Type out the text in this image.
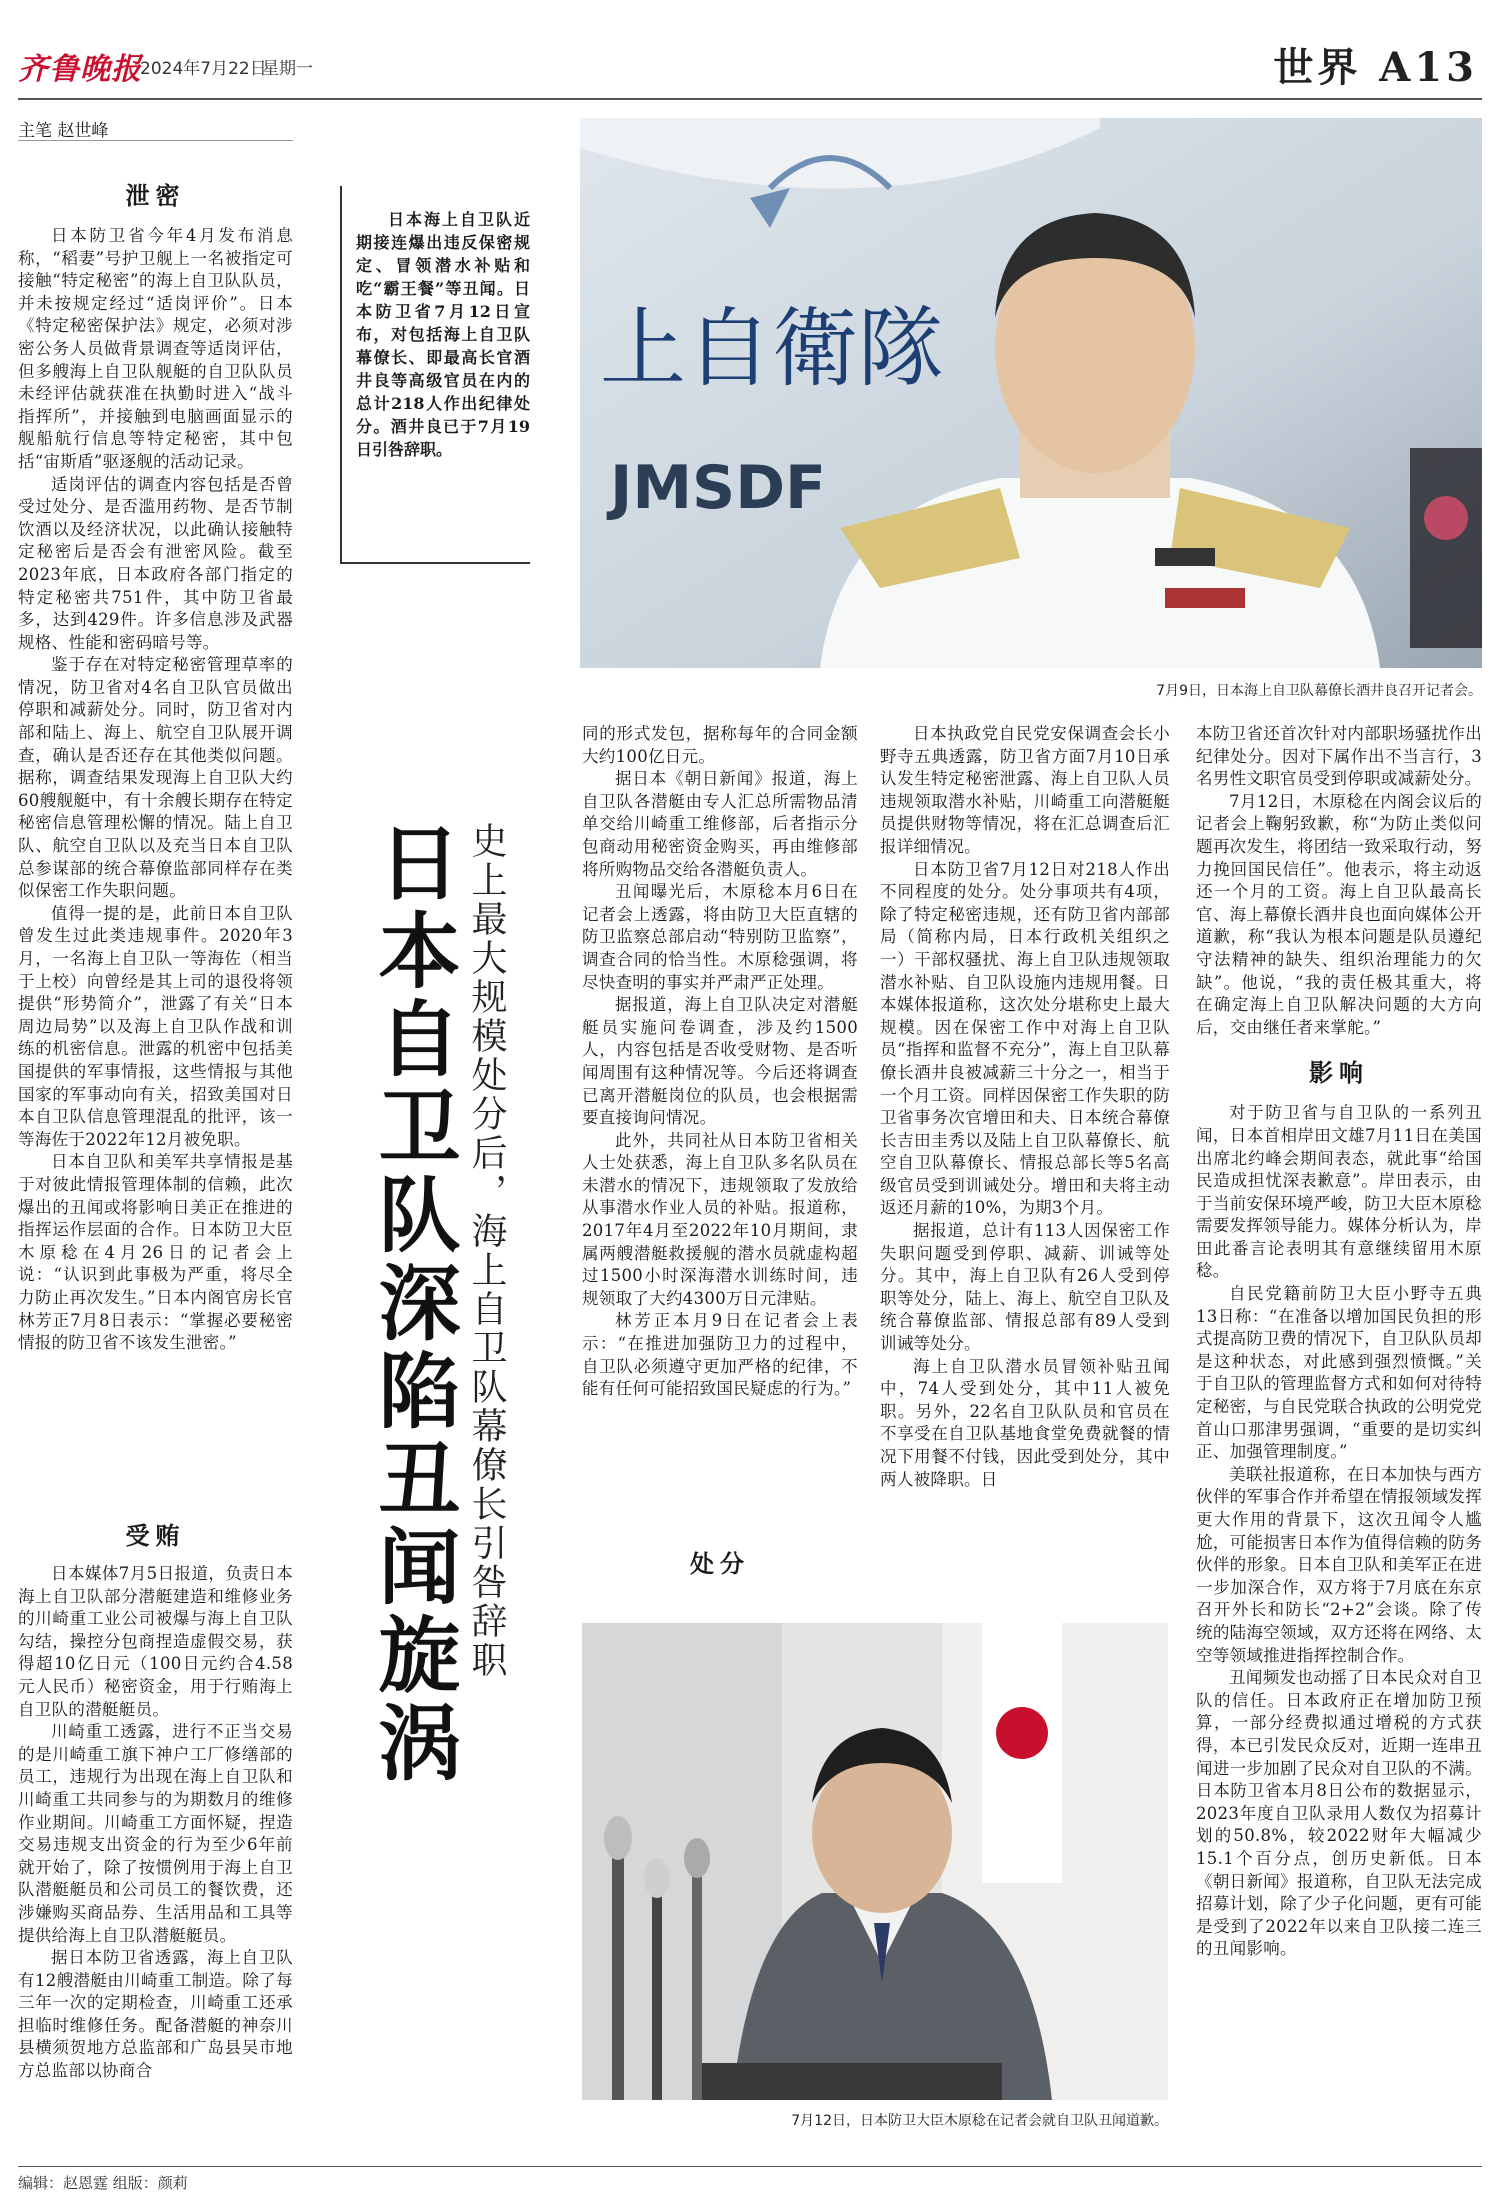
齐鲁晚报
2024年7月22日
星期一	世界 A13
主笔 赵世峰
泄密

日本防卫省今年4月发布消息称，“稻妻”号护卫舰上一名被指定可接触“特定秘密”的海上自卫队队员，并未按规定经过“适岗评价”。日本《特定秘密保护法》规定，必须对涉密公务人员做背景调查等适岗评估，但多艘海上自卫队舰艇的自卫队队员未经评估就获准在执勤时进入“战斗指挥所”，并接触到电脑画面显示的舰船航行信息等特定秘密，其中包括“宙斯盾”驱逐舰的活动记录。

适岗评估的调查内容包括是否曾受过处分、是否滥用药物、是否节制饮酒以及经济状况，以此确认接触特定秘密后是否会有泄密风险。截至2023年底，日本政府各部门指定的特定秘密共751件，其中防卫省最多，达到429件。许多信息涉及武器规格、性能和密码暗号等。

鉴于存在对特定秘密管理草率的情况，防卫省对4名自卫队官员做出停职和减薪处分。同时，防卫省对内部和陆上、海上、航空自卫队展开调查，确认是否还存在其他类似问题。据称，调查结果发现海上自卫队大约60艘舰艇中，有十余艘长期存在特定秘密信息管理松懈的情况。陆上自卫队、航空自卫队以及充当日本自卫队总参谋部的统合幕僚监部同样存在类似保密工作失职问题。

值得一提的是，此前日本自卫队曾发生过此类违规事件。2020年3月，一名海上自卫队一等海佐（相当于上校）向曾经是其上司的退役将领提供“形势简介”，泄露了有关“日本周边局势”以及海上自卫队作战和训练的机密信息。泄露的机密中包括美国提供的军事情报，这些情报与其他国家的军事动向有关，招致美国对日本自卫队信息管理混乱的批评，该一等海佐于2022年12月被免职。

日本自卫队和美军共享情报是基于对彼此情报管理体制的信赖，此次爆出的丑闻或将影响日美正在推进的指挥运作层面的合作。日本防卫大臣木原稔在4月26日的记者会上说：“认识到此事极为严重，将尽全力防止再次发生。”日本内阁官房长官林芳正7月8日表示：“掌握必要秘密情报的防卫省不该发生泄密。”

受贿

日本媒体7月5日报道，负责日本海上自卫队部分潜艇建造和维修业务的川崎重工业公司被爆与海上自卫队勾结，操控分包商捏造虚假交易，获得超10亿日元（100日元约合4.58元人民币）秘密资金，用于行贿海上自卫队的潜艇艇员。

川崎重工透露，进行不正当交易的是川崎重工旗下神户工厂修缮部的员工，违规行为出现在海上自卫队和川崎重工共同参与的为期数月的维修作业期间。川崎重工方面怀疑，捏造交易违规支出资金的行为至少6年前就开始了，除了按惯例用于海上自卫队潜艇艇员和公司员工的餐饮费，还涉嫌购买商品券、生活用品和工具等提供给海上自卫队潜艇艇员。

据日本防卫省透露，海上自卫队有12艘潜艇由川崎重工制造。除了每三年一次的定期检查，川崎重工还承担临时维修任务。配备潜艇的神奈川县横须贺地方总监部和广岛县吴市地方总监部以协商合

日本海上自卫队近期接连爆出违反保密规定、冒领潜水补贴和吃“霸王餐”等丑闻。日本防卫省7月12日宣布，对包括海上自卫队幕僚长、即最高长官酒井良等高级官员在内的总计218人作出纪律处分。酒井良已于7月19日引咎辞职。
日本自卫队深陷丑闻旋涡 史上最大规模处分后，海上自卫队幕僚长引咎辞职
上自衛隊
JMSDF
7月9日，日本海上自卫队幕僚长酒井良召开记者会。

同的形式发包，据称每年的合同金额大约100亿日元。

据日本《朝日新闻》报道，海上自卫队各潜艇由专人汇总所需物品清单交给川崎重工维修部，后者指示分包商动用秘密资金购买，再由维修部将所购物品交给各潜艇负责人。

丑闻曝光后，木原稔本月6日在记者会上透露，将由防卫大臣直辖的防卫监察总部启动“特别防卫监察”，调查合同的恰当性。木原稔强调，将尽快查明的事实并严肃严正处理。

据报道，海上自卫队决定对潜艇艇员实施问卷调查，涉及约1500人，内容包括是否收受财物、是否听闻周围有这种情况等。今后还将调查已离开潜艇岗位的队员，也会根据需要直接询问情况。

此外，共同社从日本防卫省相关人士处获悉，海上自卫队多名队员在未潜水的情况下，违规领取了发放给从事潜水作业人员的补贴。报道称，2017年4月至2022年10月期间，隶属两艘潜艇救援舰的潜水员就虚构超过1500小时深海潜水训练时间，违规领取了大约4300万日元津贴。

林芳正本月9日在记者会上表示：“在推进加强防卫力的过程中，自卫队必须遵守更加严格的纪律，不能有任何可能招致国民疑虑的行为。”

处分

日本执政党自民党安保调查会长小野寺五典透露，防卫省方面7月10日承认发生特定秘密泄露、海上自卫队人员违规领取潜水补贴，川崎重工向潜艇艇员提供财物等情况，将在汇总调查后汇报详细情况。

日本防卫省7月12日对218人作出不同程度的处分。处分事项共有4项，除了特定秘密违规，还有防卫省内部部局（简称内局，日本行政机关组织之一）干部权骚扰、海上自卫队违规领取潜水补贴、自卫队设施内违规用餐。日本媒体报道称，这次处分堪称史上最大规模。因在保密工作中对海上自卫队员“指挥和监督不充分”，海上自卫队幕僚长酒井良被减薪三十分之一，相当于一个月工资。同样因保密工作失职的防卫省事务次官增田和夫、日本统合幕僚长吉田圭秀以及陆上自卫队幕僚长、航空自卫队幕僚长、情报总部长等5名高级官员受到训诫处分。增田和夫将主动返还月薪的10%，为期3个月。

据报道，总计有113人因保密工作失职问题受到停职、减薪、训诫等处分。其中，海上自卫队有26人受到停职等处分，陆上、海上、航空自卫队及统合幕僚监部、情报总部有89人受到训诫等处分。

海上自卫队潜水员冒领补贴丑闻中，74人受到处分，其中11人被免职。另外，22名自卫队队员和官员在不享受在自卫队基地食堂免费就餐的情况下用餐不付钱，因此受到处分，其中两人被降职。日

7月12日，日本防卫大臣木原稔在记者会就自卫队丑闻道歉。

本防卫省还首次针对内部职场骚扰作出纪律处分。因对下属作出不当言行，3名男性文职官员受到停职或减薪处分。

7月12日，木原稔在内阁会议后的记者会上鞠躬致歉，称“为防止类似问题再次发生，将团结一致采取行动，努力挽回国民信任”。他表示，将主动返还一个月的工资。海上自卫队最高长官、海上幕僚长酒井良也面向媒体公开道歉，称“我认为根本问题是队员遵纪守法精神的缺失、组织治理能力的欠缺”。他说，“我的责任极其重大，将在确定海上自卫队解决问题的大方向后，交由继任者来掌舵。”

影响

对于防卫省与自卫队的一系列丑闻，日本首相岸田文雄7月11日在美国出席北约峰会期间表态，就此事“给国民造成担忧深表歉意”。岸田表示，由于当前安保环境严峻，防卫大臣木原稔需要发挥领导能力。媒体分析认为，岸田此番言论表明其有意继续留用木原稔。

自民党籍前防卫大臣小野寺五典13日称：“在准备以增加国民负担的形式提高防卫费的情况下，自卫队队员却是这种状态，对此感到强烈愤慨。”关于自卫队的管理监督方式和如何对待特定秘密，与自民党联合执政的公明党党首山口那津男强调，“重要的是切实纠正、加强管理制度。”

美联社报道称，在日本加快与西方伙伴的军事合作并希望在情报领域发挥更大作用的背景下，这次丑闻令人尴尬，可能损害日本作为值得信赖的防务伙伴的形象。日本自卫队和美军正在进一步加深合作，双方将于7月底在东京召开外长和防长“2+2”会谈。除了传统的陆海空领域，双方还将在网络、太空等领域推进指挥控制合作。

丑闻频发也动摇了日本民众对自卫队的信任。日本政府正在增加防卫预算，一部分经费拟通过增税的方式获得，本已引发民众反对，近期一连串丑闻进一步加剧了民众对自卫队的不满。日本防卫省本月8日公布的数据显示，2023年度自卫队录用人数仅为招募计划的50.8%，较2022财年大幅减少15.1个百分点，创历史新低。日本《朝日新闻》报道称，自卫队无法完成招募计划，除了少子化问题，更有可能是受到了2022年以来自卫队接二连三的丑闻影响。

编辑：赵恩霆 组版：颜莉
